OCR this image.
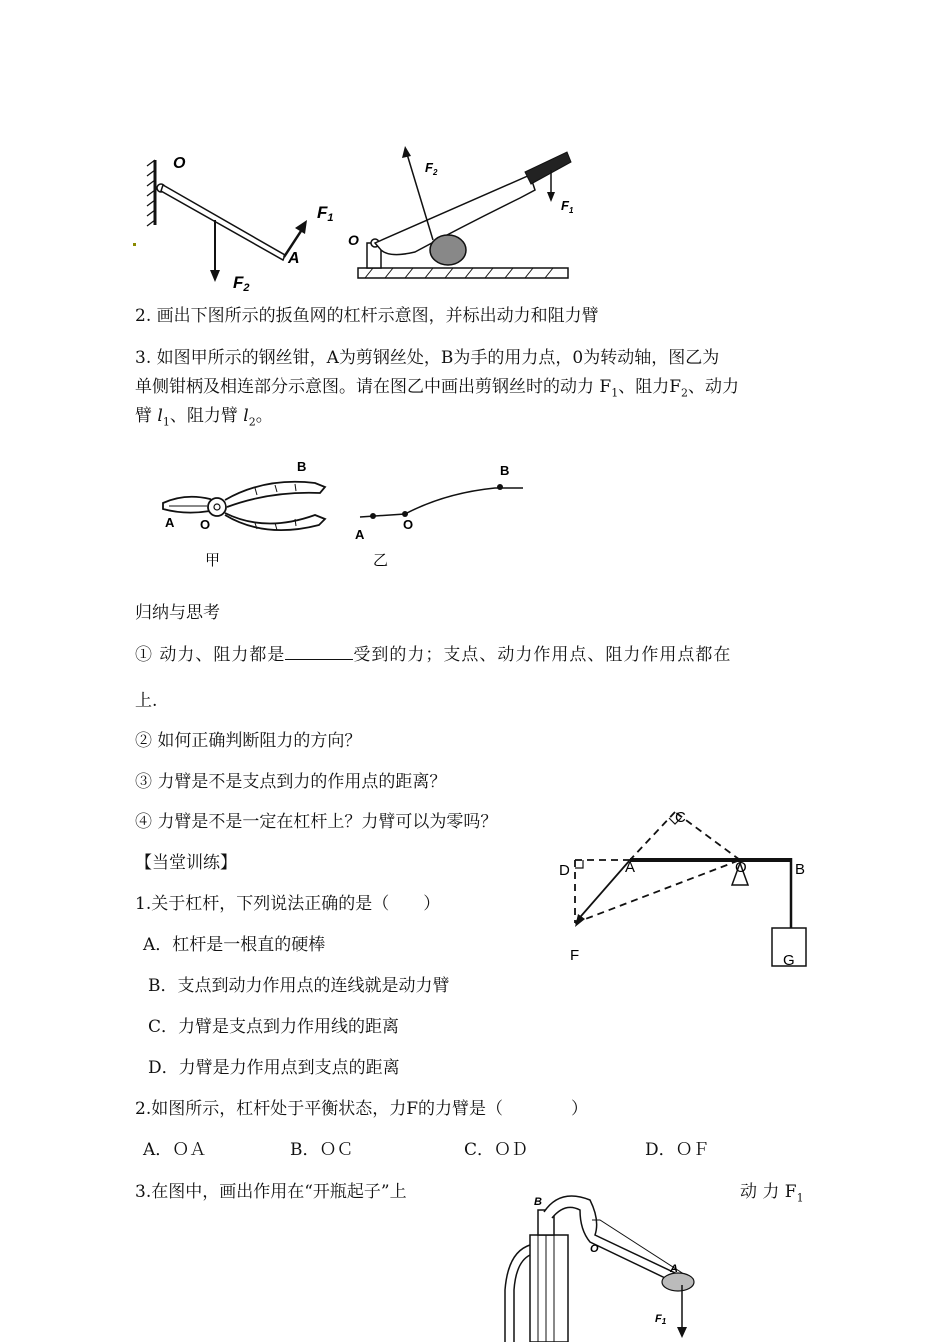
O
F1
A
F2
$F_2$
$F_1$
O
2. 画出下图所示的扳鱼网的杠杆示意图，并标出动力和阻力臂
3. 如图甲所示的钢丝钳，A为剪钢丝处，B为手的用力点，0为转动轴，图乙为
单侧钳柄及相连部分示意图。请在图乙中画出剪钢丝时的动力 $F_1$、阻力$F_2$、动力
臂 $l_1$、阻力臂 $l_2$。
B
A O
甲
B
A
O
乙
归纳与思考
① 动力、阻力都是	受到的力；支点、动力作用点、阻力作用点都在
上.
② 如何正确判断阻力的方向？
③ 力臂是不是支点到力的作用点的距离？
④ 力臂是不是一定在杠杆上？力臂可以为零吗？
【当堂训练】
1.关于杠杆，下列说法正确的是（　　）
A．杠杆是一根直的硬棒
B．支点到动力作用点的连线就是动力臂
C．力臂是支点到力作用线的距离
D．力臂是力作用点到支点的距离
2.如图所示，杠杆处于平衡状态，力F的力臂是（　　　　）
A．ＯＡ	B．ＯＣ	C．ＯＤ	D．ＯＦ
3.在图中，画出作用在“开瓶起子”上	动 力 $F_1$
C
D	A	O	B
F	G
B
O
A
F1
